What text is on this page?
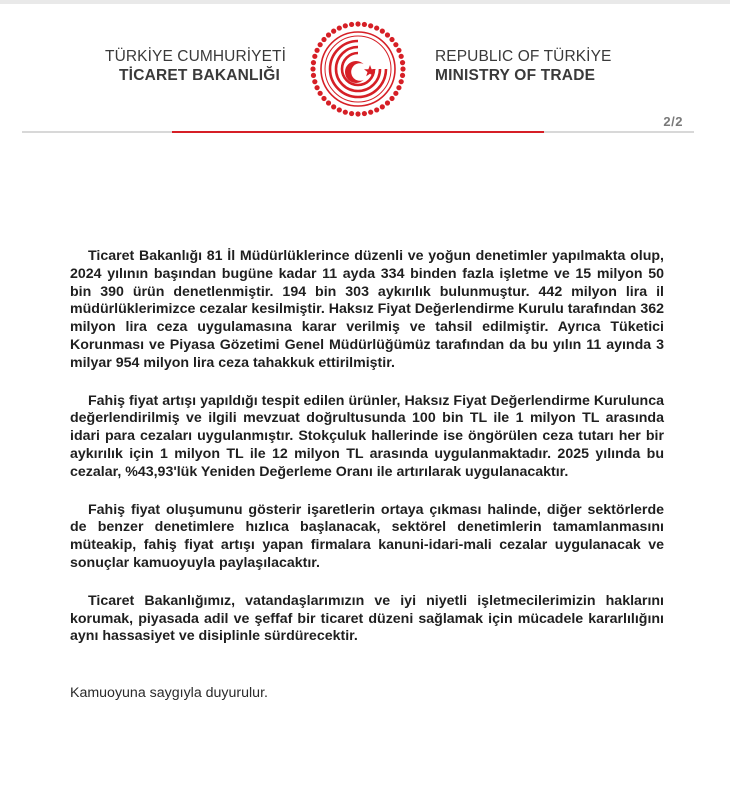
TÜRKİYE CUMHURİYETİ
TİCARET BAKANLIĞI
REPUBLIC OF TÜRKİYE
MINISTRY OF TRADE
2/2

Ticaret Bakanlığı 81 İl Müdürlüklerince düzenli ve yoğun denetimler yapılmakta olup, 2024 yılının başından bugüne kadar 11 ayda 334 binden fazla işletme ve 15 milyon 50 bin 390 ürün denetlenmiştir. 194 bin 303 aykırılık bulunmuştur. 442 milyon lira il müdürlüklerimizce cezalar kesilmiştir. Haksız Fiyat Değerlendirme Kurulu tarafından 362 milyon lira ceza uygulamasına karar verilmiş ve tahsil edilmiştir. Ayrıca Tüketici Korunması ve Piyasa Gözetimi Genel Müdürlüğümüz tarafından da bu yılın 11 ayında 3 milyar 954 milyon lira ceza tahakkuk ettirilmiştir.

Fahiş fiyat artışı yapıldığı tespit edilen ürünler, Haksız Fiyat Değerlendirme Kurulunca değerlendirilmiş ve ilgili mevzuat doğrultusunda 100 bin TL ile 1 milyon TL arasında idari para cezaları uygulanmıştır. Stokçuluk hallerinde ise öngörülen ceza tutarı her bir aykırılık için 1 milyon TL ile 12 milyon TL arasında uygulanmaktadır. 2025 yılında bu cezalar, %43,93'lük Yeniden Değerleme Oranı ile artırılarak uygulanacaktır.

Fahiş fiyat oluşumunu gösterir işaretlerin ortaya çıkması halinde, diğer sektörlerde de benzer denetimlere hızlıca başlanacak, sektörel denetimlerin tamamlanmasını müteakip, fahiş fiyat artışı yapan firmalara kanuni-idari-mali cezalar uygulanacak ve sonuçlar kamuoyuyla paylaşılacaktır.

Ticaret Bakanlığımız, vatandaşlarımızın ve iyi niyetli işletmecilerimizin haklarını korumak, piyasada adil ve şeffaf bir ticaret düzeni sağlamak için mücadele kararlılığını aynı hassasiyet ve disiplinle sürdürecektir.

Kamuoyuna saygıyla duyurulur.
